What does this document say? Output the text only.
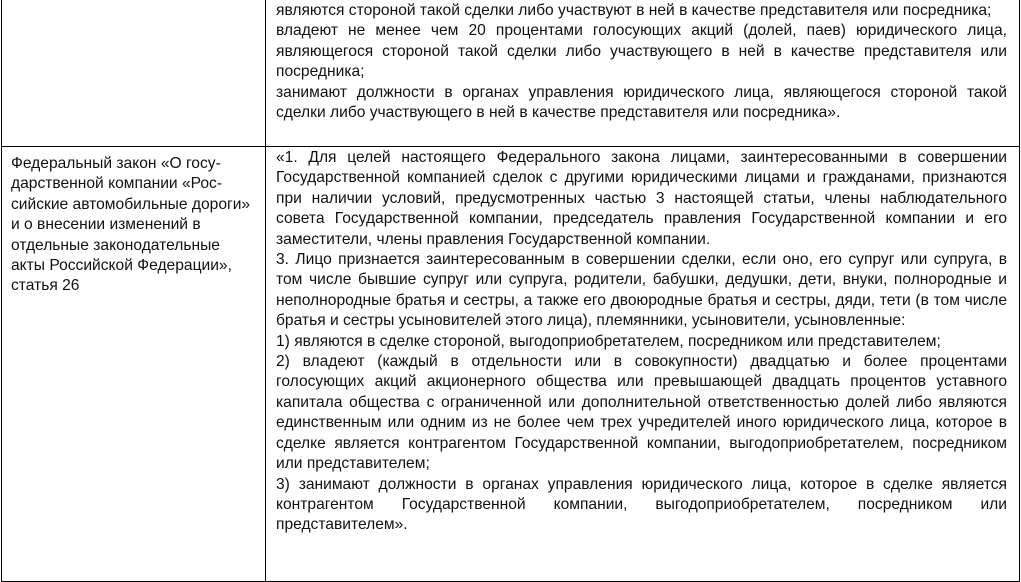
	являются стороной такой сделки либо участвуют в ней в качестве представителя или посредника;

владеют не менее чем 20 процентами голосующих акций (долей, паев) юридического лица, являющегося стороной такой сделки либо участвующего в ней в качестве представителя или посредника;

занимают должности в органах управления юридического лица, являющегося стороной такой сделки либо участвующего в ней в качестве представителя или посредника».

Федеральный закон «О государственной компании «Российские автомобильные дороги» и о внесении изменений в отдельные законодательные акты Российской Федерации», статья 26	«1. Для целей настоящего Федерального закона лицами, заинтересованными в совершении Государственной компанией сделок с другими юридическими лицами и гражданами, признаются при наличии условий, предусмотренных частью 3 настоящей статьи, члены наблюдательного совета Государственной компании, председатель правления Государственной компании и его заместители, члены правления Государственной компании.

3. Лицо признается заинтересованным в совершении сделки, если оно, его супруг или супруга, в том числе бывшие супруг или супруга, родители, бабушки, дедушки, дети, внуки, полнородные и неполнородные братья и сестры, а также его двоюродные братья и сестры, дяди, тети (в том числе братья и сестры усыновителей этого лица), племянники, усыновители, усыновленные:

1) являются в сделке стороной, выгодоприобретателем, посредником или представителем;

2) владеют (каждый в отдельности или в совокупности) двадцатью и более процентами голосующих акций акционерного общества или превышающей двадцать процентов уставного капитала общества с ограниченной или дополнительной ответственностью долей либо являются единственным или одним из не более чем трех учредителей иного юридического лица, которое в сделке является контрагентом Государственной компании, выгодоприобретателем, посредником или представителем;

3) занимают должности в органах управления юридического лица, которое в сделке является контрагентом Государственной компании, выгодоприобретателем, посредником или представителем».
